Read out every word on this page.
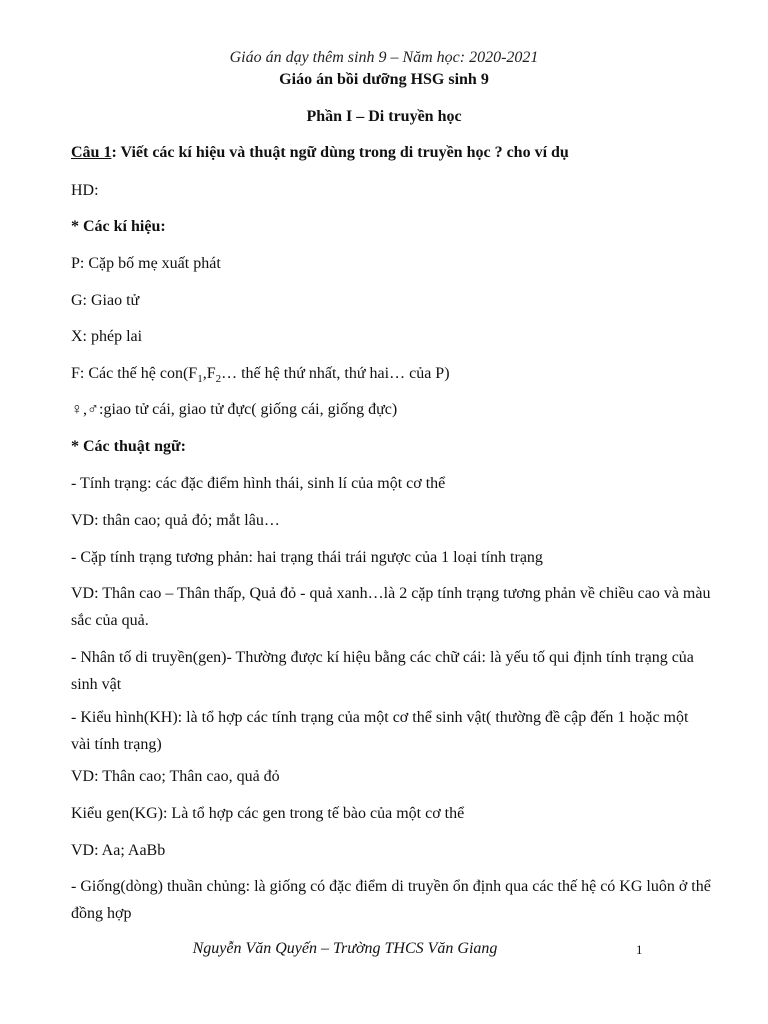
Giáo án dạy thêm sinh 9 – Năm học: 2020-2021
Giáo án bồi dưỡng HSG sinh 9
Phần I – Di truyền học
Câu 1: Viết các kí hiệu và thuật ngữ dùng trong di truyền học ? cho ví dụ
HD:
* Các kí hiệu:
P: Cặp bố mẹ xuất phát
G: Giao tử
X: phép lai
F: Các thế hệ $con(F_1,F_2\dots$ thế hệ thứ nhất, thứ hai… của P)
♀,♂:giao tử cái, giao tử đực( giống cái, giống đực)
* Các thuật ngữ:
- Tính trạng: các đặc điểm hình thái, sinh lí của một cơ thể
VD: thân cao; quả đỏ; mắt lâu…
- Cặp tính trạng tương phản: hai trạng thái trái ngược của 1 loại tính trạng
VD: Thân cao – Thân thấp, Quả đỏ - quả xanh…là 2 cặp tính trạng tương phản về chiều cao và màu sắc của quả.
- Nhân tố di truyền(gen)- Thường được kí hiệu bằng các chữ cái: là yếu tố qui định tính trạng của sinh vật
- Kiểu hình(KH): là tổ hợp các tính trạng của một cơ thể sinh vật( thường đề cập đến 1 hoặc một vài tính trạng)
VD: Thân cao; Thân cao, quả đỏ
Kiểu gen(KG): Là tổ hợp các gen trong tế bào của một cơ thể
VD: Aa; AaBb
- Giống(dòng) thuần chủng: là giống có đặc điểm di truyền ổn định qua các thế hệ có KG luôn ở thể đồng hợp
Nguyễn Văn Quyến – Trường THCS Văn Giang	1
